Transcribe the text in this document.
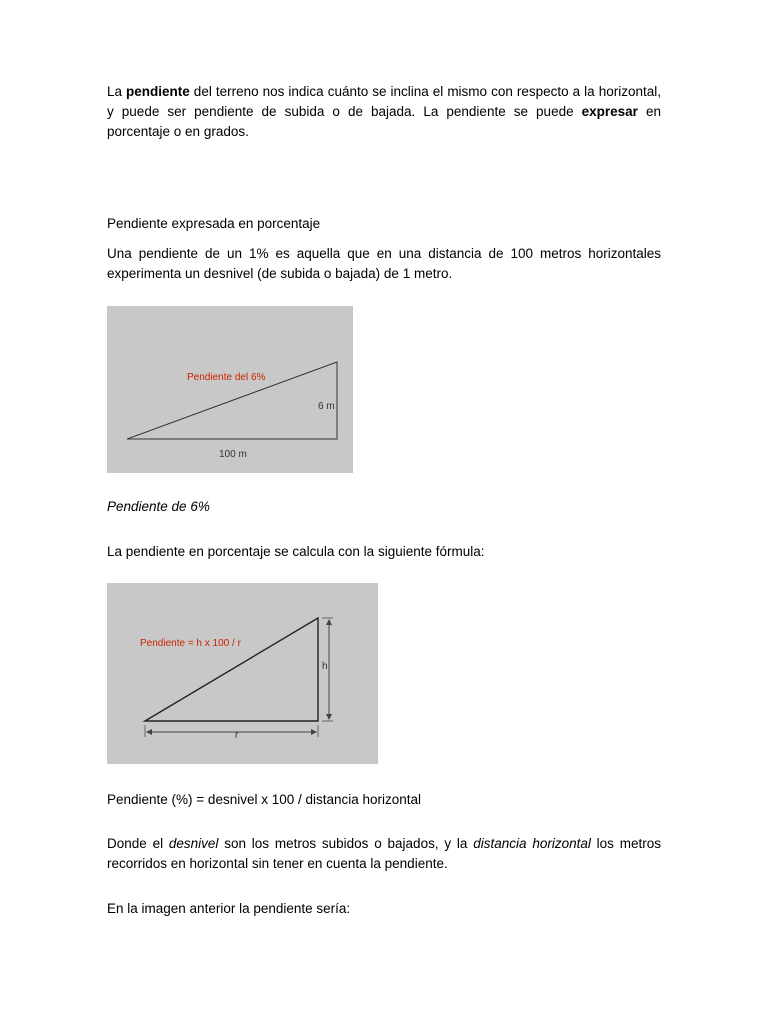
La pendiente del terreno nos indica cuánto se inclina el mismo con respecto a la horizontal, y puede ser pendiente de subida o de bajada. La pendiente se puede expresar en porcentaje o en grados.

Pendiente expresada en porcentaje

Una pendiente de un 1% es aquella que en una distancia de 100 metros horizontales experimenta un desnivel (de subida o bajada) de 1 metro.

Pendiente del 6%
6 m
100 m

Pendiente de 6%

La pendiente en porcentaje se calcula con la siguiente fórmula:

Pendiente = h x 100 / r
h
r

Pendiente (%) = desnivel x 100 / distancia horizontal

Donde el desnivel son los metros subidos o bajados, y la distancia horizontal los metros recorridos en horizontal sin tener en cuenta la pendiente.

En la imagen anterior la pendiente sería:
